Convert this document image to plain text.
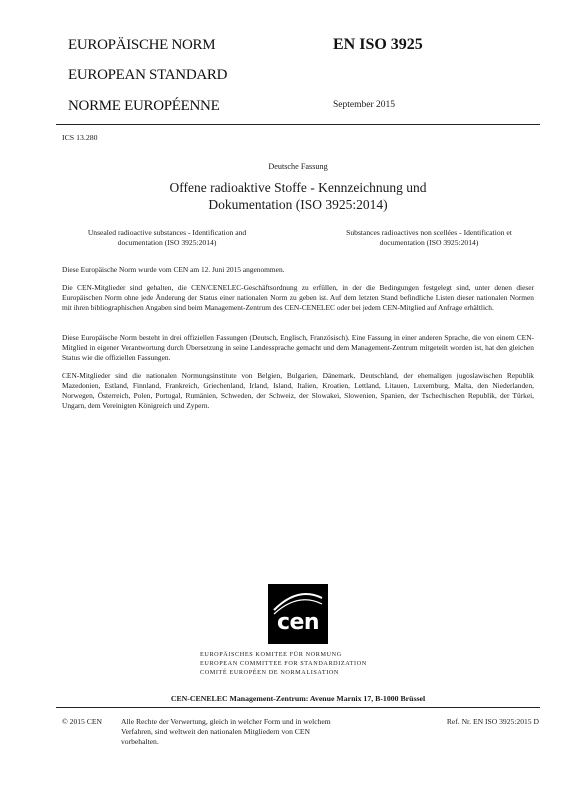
EUROPÄISCHE NORM
EUROPEAN STANDARD
NORME EUROPÉENNE
EN ISO 3925
September 2015
ICS 13.280
Deutsche Fassung
Offene radioaktive Stoffe - Kennzeichnung und
Dokumentation (ISO 3925:2014)
Unsealed radioactive substances - Identification and
documentation (ISO 3925:2014)
Substances radioactives non scellées - Identification et
documentation (ISO 3925:2014)
Diese Europäische Norm wurde vom CEN am 12. Juni 2015 angenommen.
Die CEN-Mitglieder sind gehalten, die CEN/CENELEC-Geschäftsordnung zu erfüllen, in der die Bedingungen festgelegt sind, unter denen dieser Europäischen Norm ohne jede Änderung der Status einer nationalen Norm zu geben ist. Auf dem letzten Stand befindliche Listen dieser nationalen Normen mit ihren bibliographischen Angaben sind beim Management-Zentrum des CEN-CENELEC oder bei jedem CEN-Mitglied auf Anfrage erhältlich.
Diese Europäische Norm besteht in drei offiziellen Fassungen (Deutsch, Englisch, Französisch). Eine Fassung in einer anderen Sprache, die von einem CEN-Mitglied in eigener Verantwortung durch Übersetzung in seine Landessprache gemacht und dem Management-Zentrum mitgeteilt worden ist, hat den gleichen Status wie die offiziellen Fassungen.
CEN-Mitglieder sind die nationalen Normungsinstitute von Belgien, Bulgarien, Dänemark, Deutschland, der ehemaligen jugoslawischen Republik Mazedonien, Estland, Finnland, Frankreich, Griechenland, Irland, Island, Italien, Kroatien, Lettland, Litauen, Luxemburg, Malta, den Niederlanden, Norwegen, Österreich, Polen, Portugal, Rumänien, Schweden, der Schweiz, der Slowakei, Slowenien, Spanien, der Tschechischen Republik, der Türkei, Ungarn, dem Vereinigten Königreich und Zypern.
cen
EUROPÄISCHES KOMITEE FÜR NORMUNG
EUROPEAN COMMITTEE FOR STANDARDIZATION
COMITÉ EUROPÉEN DE NORMALISATION
CEN-CENELEC Management-Zentrum: Avenue Marnix 17, B-1000 Brüssel
© 2015 CEN	Alle Rechte der Verwertung, gleich in welcher Form und in welchem
Verfahren, sind weltweit den nationalen Mitgliedern von CEN
vorbehalten.
Ref. Nr. EN ISO 3925:2015 D
